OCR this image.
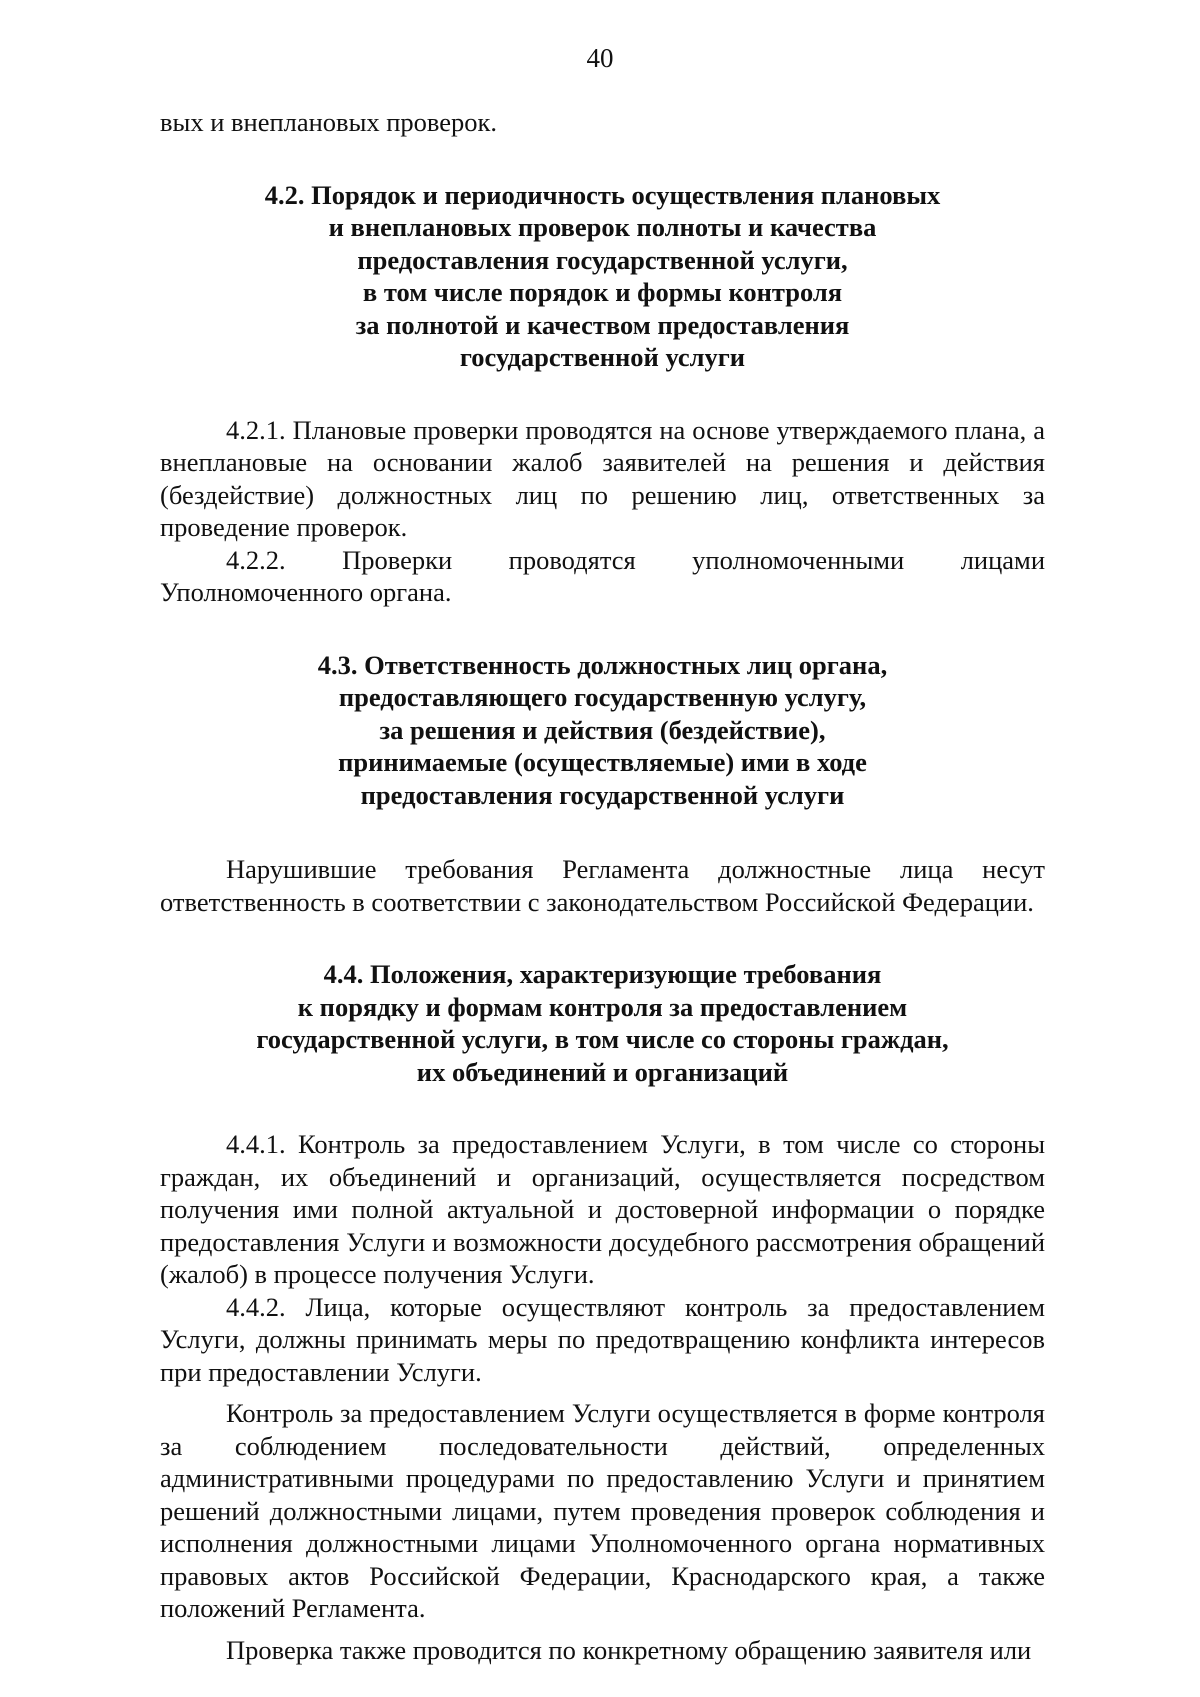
40

вых и внеплановых проверок.

4.2. Порядок и периодичность осуществления плановых
и внеплановых проверок полноты и качества
предоставления государственной услуги,
в том числе порядок и формы контроля
за полнотой и качеством предоставления
государственной услуги

4.2.1. Плановые проверки проводятся на основе утверждаемого плана, а внеплановые на основании жалоб заявителей на решения и действия (бездействие) должностных лиц по решению лиц, ответственных за проведение проверок.

4.2.2. Проверки проводятся уполномоченными лицами Уполномоченного органа.

4.3. Ответственность должностных лиц органа,
предоставляющего государственную услугу,
за решения и действия (бездействие),
принимаемые (осуществляемые) ими в ходе
предоставления государственной услуги

Нарушившие требования Регламента должностные лица несут ответственность в соответствии с законодательством Российской Федерации.

4.4. Положения, характеризующие требования
к порядку и формам контроля за предоставлением
государственной услуги, в том числе со стороны граждан,
их объединений и организаций

4.4.1. Контроль за предоставлением Услуги, в том числе со стороны граждан, их объединений и организаций, осуществляется посредством получения ими полной актуальной и достоверной информации о порядке предоставления Услуги и возможности досудебного рассмотрения обращений (жалоб) в процессе получения Услуги.

4.4.2. Лица, которые осуществляют контроль за предоставлением Услуги, должны принимать меры по предотвращению конфликта интересов при предоставлении Услуги.

Контроль за предоставлением Услуги осуществляется в форме контроля за соблюдением последовательности действий, определенных административными процедурами по предоставлению Услуги и принятием решений должностными лицами, путем проведения проверок соблюдения и исполнения должностными лицами Уполномоченного органа нормативных правовых актов Российской Федерации, Краснодарского края, а также положений Регламента.

Проверка также проводится по конкретному обращению заявителя или
